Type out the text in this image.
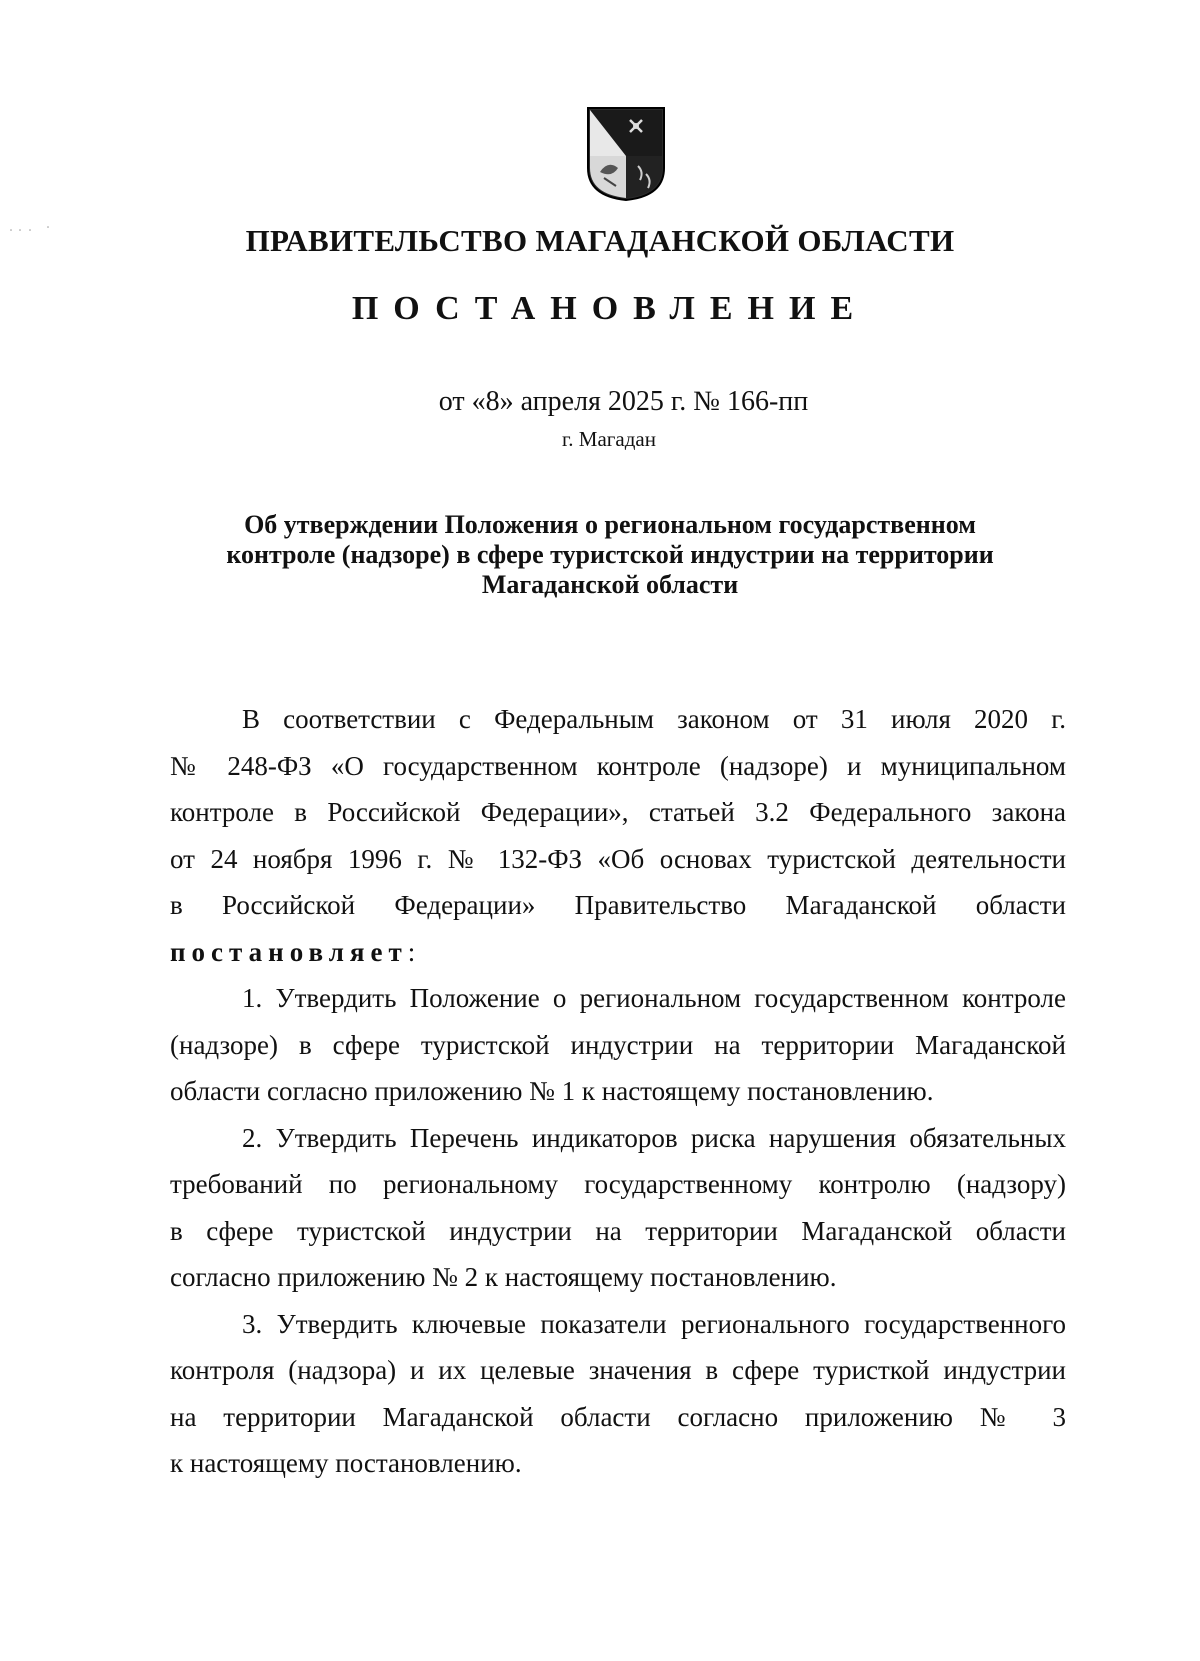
ПРАВИТЕЛЬСТВО МАГАДАНСКОЙ ОБЛАСТИ
ПОСТАНОВЛЕНИЕ
от «8» апреля 2025 г. № 166-пп
г. Магадан
Об утверждении Положения о региональном государственном
контроле (надзоре) в сфере туристской индустрии на территории
Магаданской области
В соответствии с Федеральным законом от 31 июля 2020 г.
№ 248-ФЗ «О государственном контроле (надзоре) и муниципальном
контроле в Российской Федерации», статьей 3.2 Федерального закона
от 24 ноября 1996 г. № 132-ФЗ «Об основах туристской деятельности
в Российской Федерации» Правительство Магаданской области
постановляет:
1. Утвердить Положение о региональном государственном контроле
(надзоре) в сфере туристской индустрии на территории Магаданской
области согласно приложению № 1 к настоящему постановлению.
2. Утвердить Перечень индикаторов риска нарушения обязательных
требований по региональному государственному контролю (надзору)
в сфере туристской индустрии на территории Магаданской области
согласно приложению № 2 к настоящему постановлению.
3. Утвердить ключевые показатели регионального государственного
контроля (надзора) и их целевые значения в сфере туристкой индустрии
на территории Магаданской области согласно приложению № 3
к настоящему постановлению.
